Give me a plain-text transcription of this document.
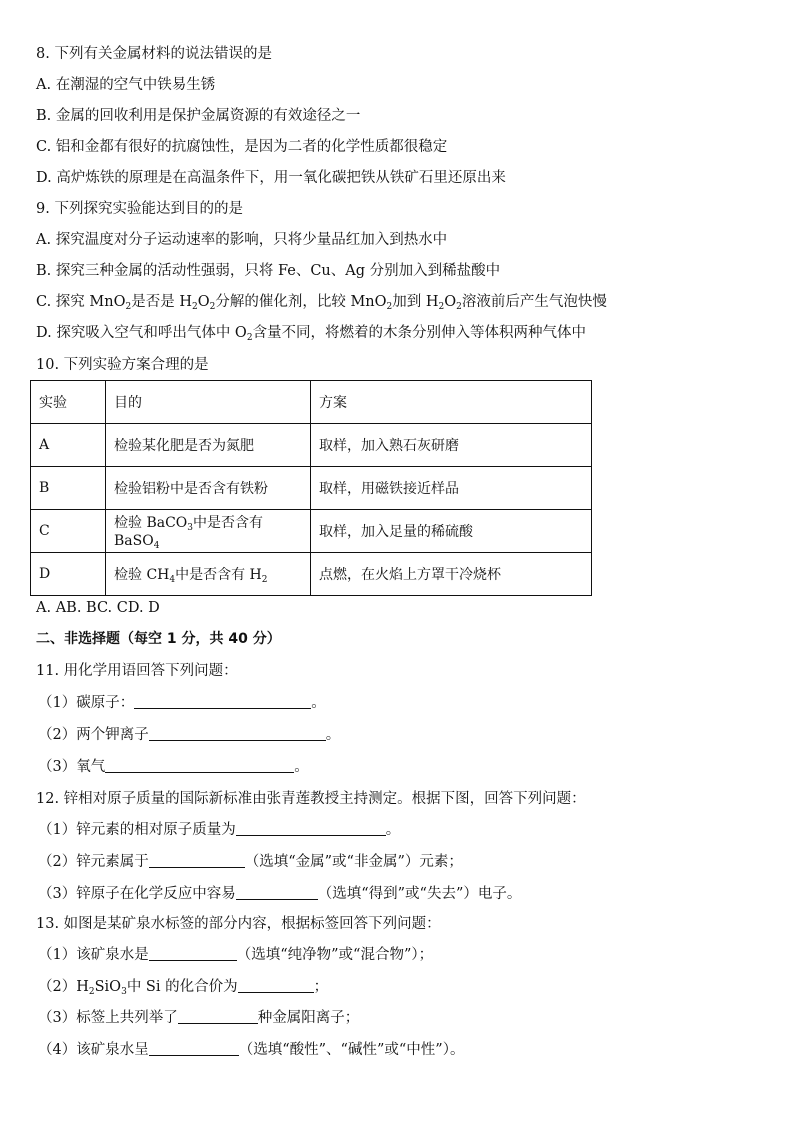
8. 下列有关金属材料的说法错误的是
A. 在潮湿的空气中铁易生锈
B. 金属的回收利用是保护金属资源的有效途径之一
C. 铝和金都有很好的抗腐蚀性，是因为二者的化学性质都很稳定
D. 高炉炼铁的原理是在高温条件下，用一氧化碳把铁从铁矿石里还原出来
9. 下列探究实验能达到目的的是
A. 探究温度对分子运动速率的影响，只将少量品红加入到热水中
B. 探究三种金属的活动性强弱，只将 Fe、Cu、Ag 分别加入到稀盐酸中
C. 探究 MnO$_2$是否是 $H_2O_2$分解的催化剂，比较 MnO$_2$加到 $H_2O_2$溶液前后产生气泡快慢
D. 探究吸入空气和呼出气体中 $O_2$含量不同，将燃着的木条分别伸入等体积两种气体中
10. 下列实验方案合理的是
实验	目的	方案
A	检验某化肥是否为氮肥	取样，加入熟石灰研磨
B	检验铝粉中是否含有铁粉	取样，用磁铁接近样品
C	检验 BaCO$_3$中是否含有 BaSO$_4$	取样，加入足量的稀硫酸
D	检验 $CH_4$中是否含有 $H_2$	点燃，在火焰上方罩干冷烧杯
A. AB. BC. CD. D
二、非选择题（每空 1 分，共 40 分）
11. 用化学用语回答下列问题：
（1）碳原子：	。
（2）两个钾离子	。
（3）氧气	。
12. 锌相对原子质量的国际新标准由张青莲教授主持测定。根据下图，回答下列问题：
（1）锌元素的相对原子质量为	。
（2）锌元素属于	（选填“金属”或“非金属”）元素；
（3）锌原子在化学反应中容易	（选填“得到”或“失去”）电子。
13. 如图是某矿泉水标签的部分内容，根据标签回答下列问题：
（1）该矿泉水是	（选填“纯净物”或“混合物”）；
$(2)H_2SiO_3$中 Si 的化合价为	；
（3）标签上共列举了	种金属阳离子；
（4）该矿泉水呈	（选填“酸性”、“碱性”或“中性”）。
